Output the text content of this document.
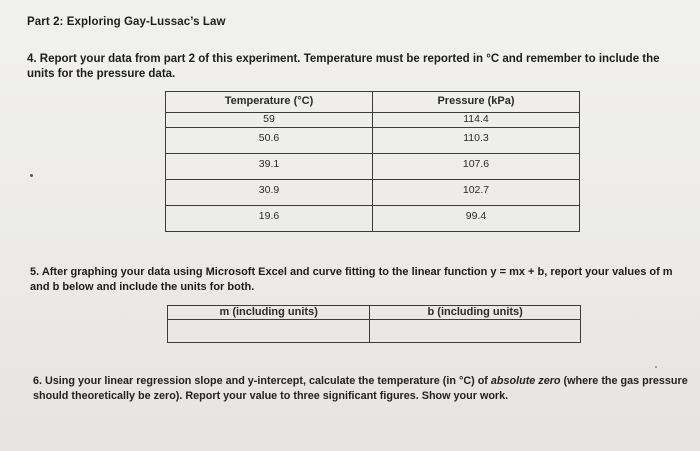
Part 2: Exploring Gay-Lussac’s Law
4. Report your data from part 2 of this experiment. Temperature must be reported in °C and remember to include the units for the pressure data.
Temperature (°C)	Pressure (kPa)
59	114.4
50.6	110.3
39.1	107.6
30.9	102.7
19.6	99.4
5. After graphing your data using Microsoft Excel and curve fitting to the linear function y = mx + b, report your values of m and b below and include the units for both.
m (including units)	b (including units)

6. Using your linear regression slope and y-intercept, calculate the temperature (in °C) of absolute zero (where the gas pressure should theoretically be zero). Report your value to three significant figures. Show your work.
